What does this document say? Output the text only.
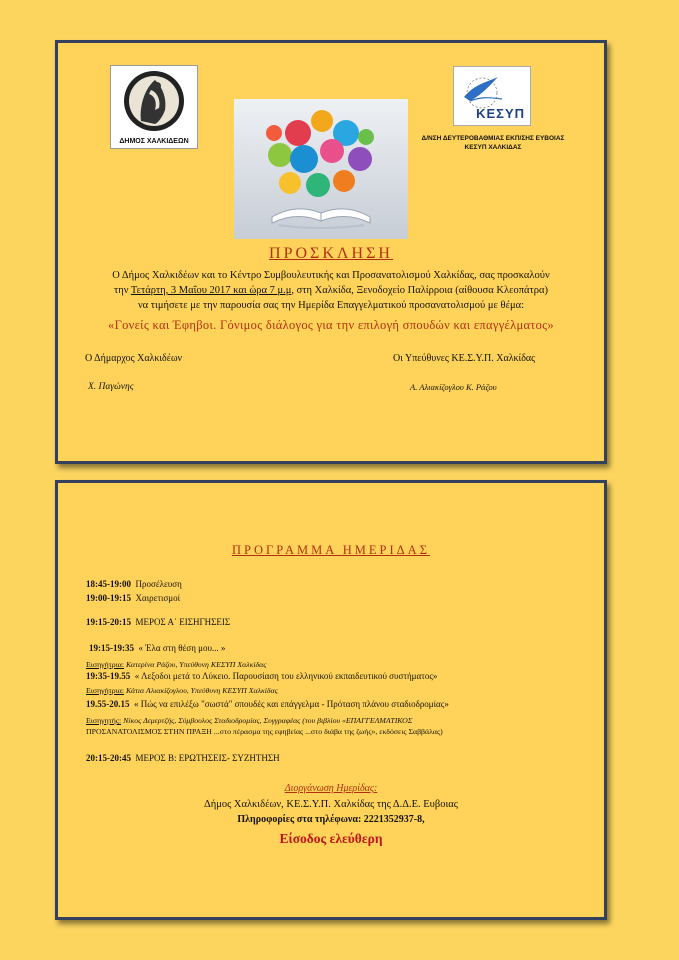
ΔΗΜΟΣ ΧΑΛΚΙΔΕΩΝ
ΚΕΣΥΠ
Δ/ΝΣΗ ΔΕΥΤΕΡΟΒΑΘΜΙΑΣ ΕΚΠ/ΣΗΣ ΕΥΒΟΙΑΣ
ΚΕΣΥΠ ΧΑΛΚΙΔΑΣ
ΠΡΟΣΚΛΗΣΗ
Ο Δήμος Χαλκιδέων και το Κέντρο Συμβουλευτικής και Προσανατολισμού Χαλκίδας, σας προσκαλούν
την Τετάρτη, 3 Μαΐου 2017 και ώρα 7 μ.μ, στη Χαλκίδα, Ξενοδοχείο Παλίρροια (αίθουσα Κλεοπάτρα)
να τιμήσετε με την παρουσία σας την Ημερίδα Επαγγελματικού προσανατολισμού με θέμα:
«Γονείς και Έφηβοι. Γόνιμος διάλογος για την επιλογή σπουδών και επαγγέλματος»
Ο Δήμαρχος Χαλκιδέων	Οι Υπεύθυνες ΚΕ.Σ.Υ.Π. Χαλκίδας
Χ. Παγώνης	Α. Αλιακίζογλου Κ. Ράζου
ΠΡΟΓΡΑΜΜΑ ΗΜΕΡΙΔΑΣ
18:45-19:00 Προσέλευση
19:00-19:15 Χαιρετισμοί
19:15-20:15 ΜΕΡΟΣ Α΄ ΕΙΣΗΓΗΣΕΙΣ
19:15-19:35 « Έλα στη θέση μου... »
Εισηγήτρια: Κατερίνα Ράζου, Υπεύθυνη ΚΕΣΥΠ Χαλκίδας
19:35-19.55 « Λεξοδοι μετά το Λύκειο. Παρουσίαση του ελληνικού εκπαιδευτικού συστήματος»
Εισηγήτρια: Κάτια Αλιακίζογλου, Υπεύθυνη ΚΕΣΥΠ Χαλκίδας
19.55-20.15 « Πώς να επιλέξω "σωστά" σπουδές και επάγγελμα - Πρόταση πλάνου σταδιοδρομίας»
Εισηγητής: Νίκος Δεμερτζής, Σύμβουλος Σταδιοδρομίας, Συγγραφέας (του βιβλίου «ΕΠΑΓΓΕΛΜΑΤΙΚΟΣ
ΠΡΟΣΑΝΑΤΟΛΙΣΜΟΣ ΣΤΗΝ ΠΡΑΞΗ ...στο πέρασμα της εφηβείας ...στο διάβα της ζωής», εκδόσεις Σαββάλας)
20:15-20:45 ΜΕΡΟΣ Β: ΕΡΩΤΗΣΕΙΣ- ΣΥΖΗΤΗΣΗ
Διοργάνωση Ημερίδας:
Δήμος Χαλκιδέων, ΚΕ.Σ.Υ.Π. Χαλκίδας της Δ.Δ.Ε. Ευβοιας
Πληροφορίες στα τηλέφωνα: 2221352937-8,
Είσοδος ελεύθερη
